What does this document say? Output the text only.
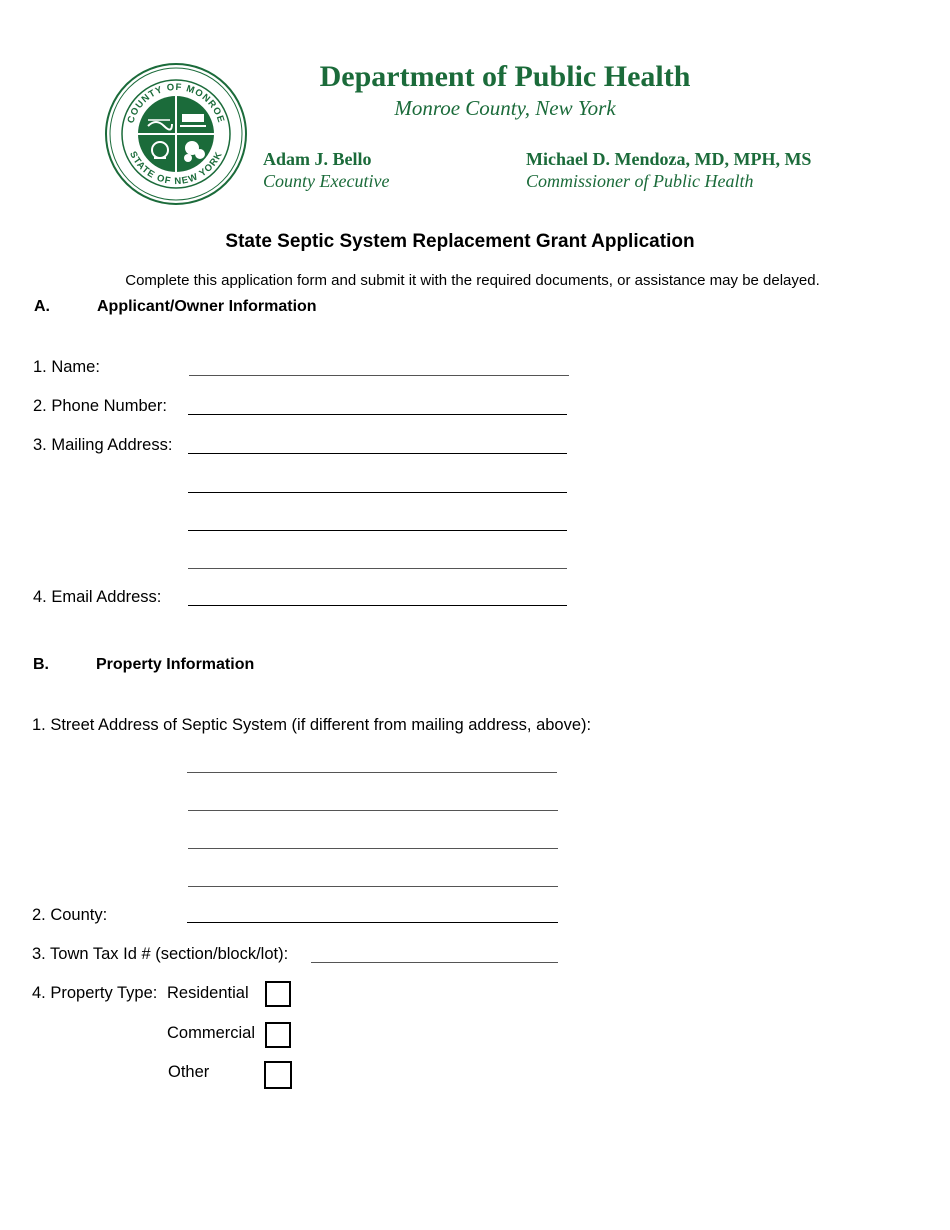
COUNTY OF MONROE
STATE OF NEW YORK
Department of Public Health
Monroe County, New York
Adam J. Bello
County Executive
Michael D. Mendoza, MD, MPH, MS
Commissioner of Public Health
State Septic System Replacement Grant Application
Complete this application form and submit it with the required documents, or assistance may be delayed.
A.	Applicant/Owner Information
1. Name:
2. Phone Number:
3. Mailing Address:
4. Email Address:
B.	Property Information
1. Street Address of Septic System (if different from mailing address, above):
2. County:
3. Town Tax Id # (section/block/lot):
4. Property Type: Residential
Commercial
Other
